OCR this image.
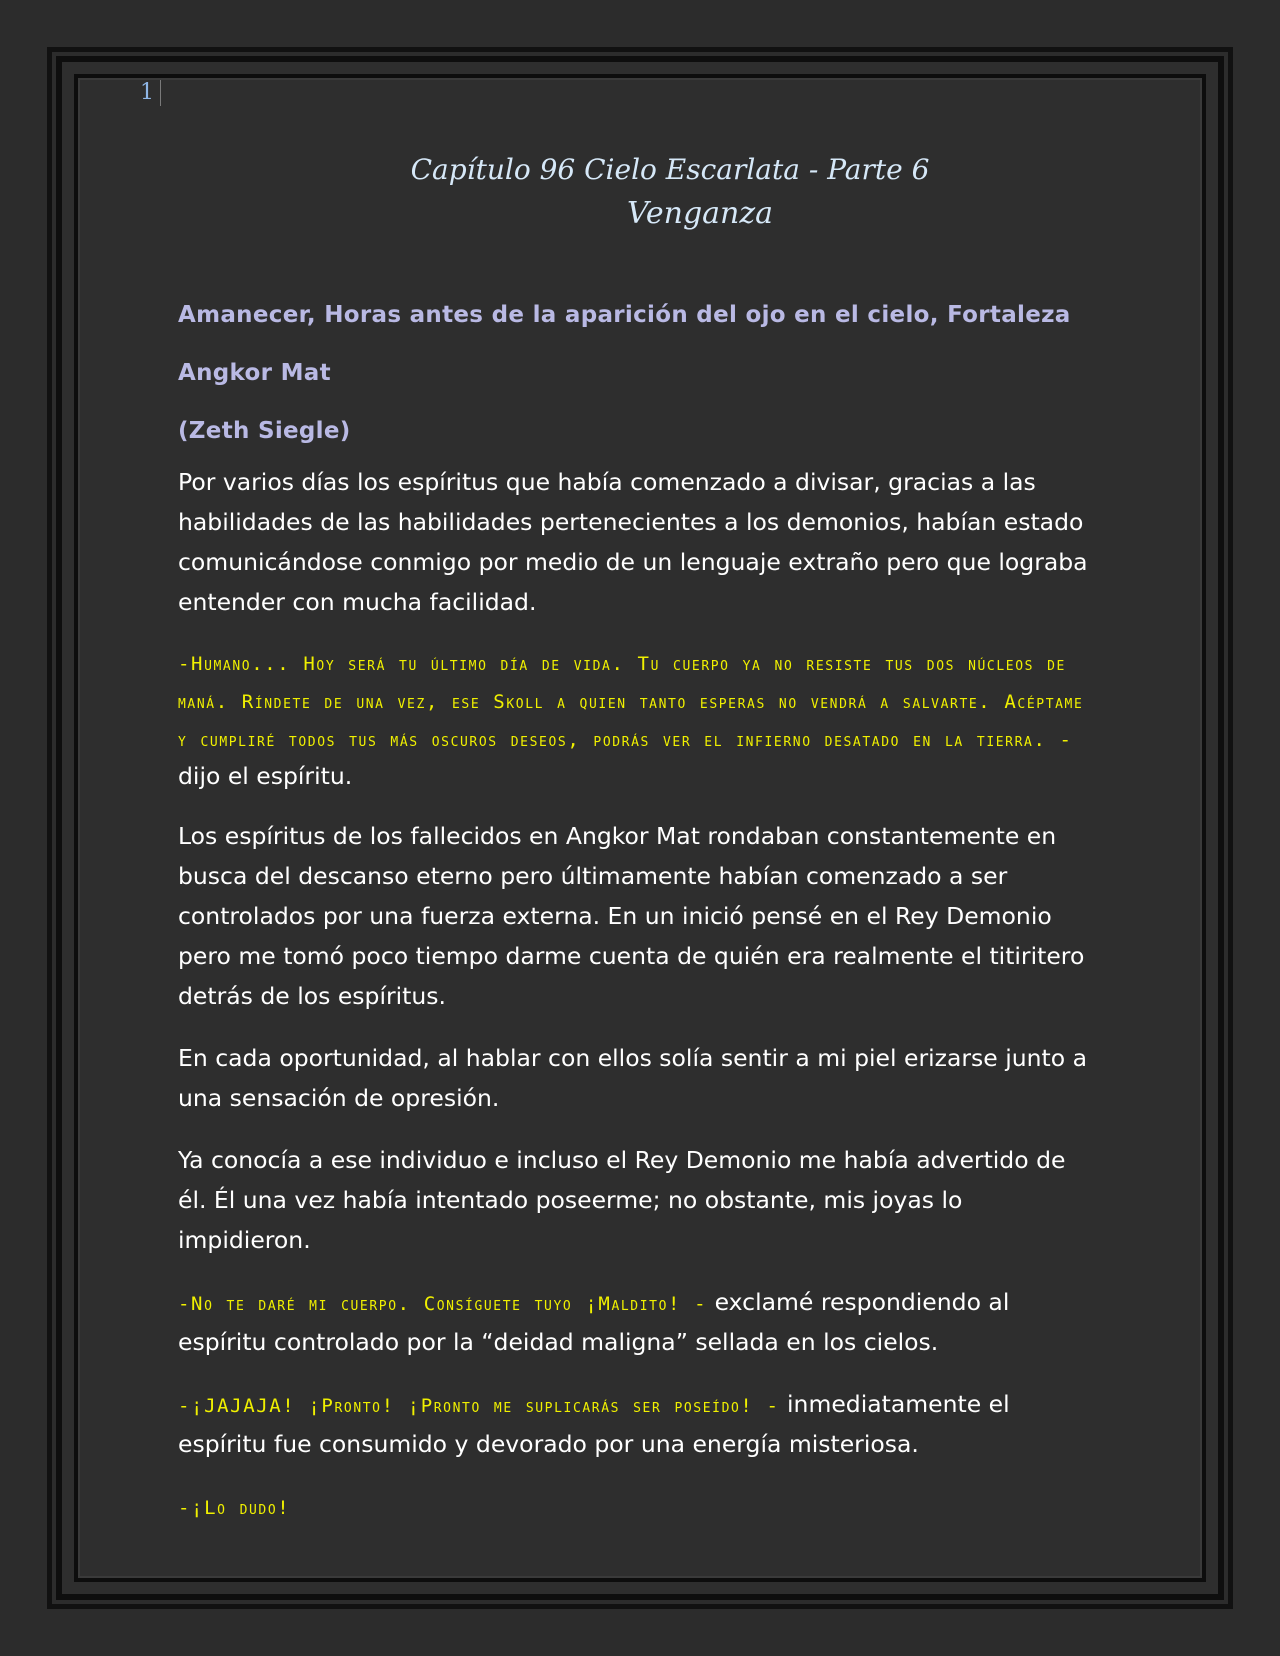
1

Capítulo 96 Cielo Escarlata - Parte 6

Venganza

Amanecer, Horas antes de la aparición del ojo en el cielo, Fortaleza

Angkor Mat

(Zeth Siegle)

Por varios días los espíritus que había comenzado a divisar, gracias a las habilidades de las habilidades pertenecientes a los demonios, habían estado comunicándose conmigo por medio de un lenguaje extraño pero que lograba entender con mucha facilidad.

-Humano... Hoy será tu último día de vida. Tu cuerpo ya no resiste tus dos núcleos de maná. Ríndete de una vez, ese Skoll a quien tanto esperas no vendrá a salvarte. Acéptame y cumpliré todos tus más oscuros deseos, podrás ver el infierno desatado en la tierra. - dijo el espíritu.

Los espíritus de los fallecidos en Angkor Mat rondaban constantemente en busca del descanso eterno pero últimamente habían comenzado a ser controlados por una fuerza externa. En un inició pensé en el Rey Demonio pero me tomó poco tiempo darme cuenta de quién era realmente el titiritero detrás de los espíritus.

En cada oportunidad, al hablar con ellos solía sentir a mi piel erizarse junto a una sensación de opresión.

Ya conocía a ese individuo e incluso el Rey Demonio me había advertido de él. Él una vez había intentado poseerme; no obstante, mis joyas lo impidieron.

-No te daré mi cuerpo. Consíguete tuyo ¡Maldito! - exclamé respondiendo al espíritu controlado por la “deidad maligna” sellada en los cielos.

-¡JAJAJA! ¡Pronto! ¡Pronto me suplicarás ser poseído! - inmediatamente el espíritu fue consumido y devorado por una energía misteriosa.

-¡Lo dudo!
